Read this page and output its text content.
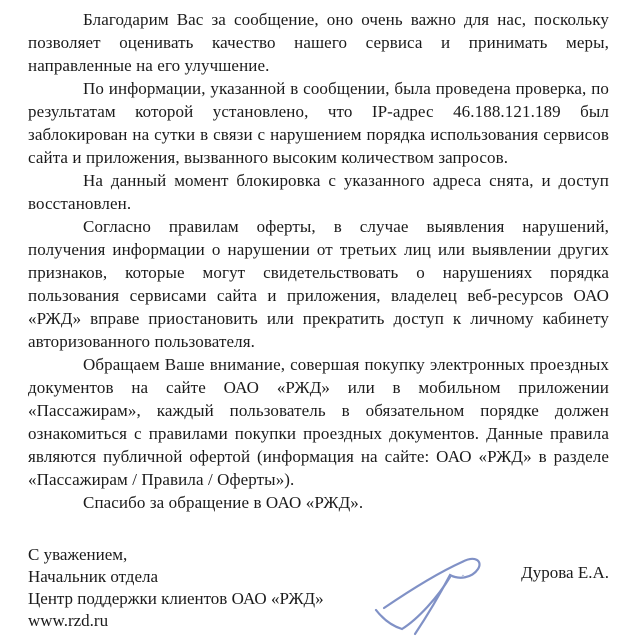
Благодарим Вас за сообщение, оно очень важно для нас, поскольку позволяет оценивать качество нашего сервиса и принимать меры, направленные на его улучшение.

По информации, указанной в сообщении, была проведена проверка, по результатам которой установлено, что IP-адрес 46.188.121.189 был заблокирован на сутки в связи с нарушением порядка использования сервисов сайта и приложения, вызванного высоким количеством запросов.

На данный момент блокировка с указанного адреса снята, и доступ восстановлен.

Согласно правилам оферты, в случае выявления нарушений, получения информации о нарушении от третьих лиц или выявлении других признаков, которые могут свидетельствовать о нарушениях порядка пользования сервисами сайта и приложения, владелец веб-ресурсов ОАО «РЖД» вправе приостановить или прекратить доступ к личному кабинету авторизованного пользователя.

Обращаем Ваше внимание, совершая покупку электронных проездных документов на сайте ОАО «РЖД» или в мобильном приложении «Пассажирам», каждый пользователь в обязательном порядке должен ознакомиться с правилами покупки проездных документов. Данные правила являются публичной офертой (информация на сайте: ОАО «РЖД» в разделе «Пассажирам / Правила / Оферты»).

Спасибо за обращение в ОАО «РЖД».

С уважением,
Начальник отдела
Центр поддержки клиентов ОАО «РЖД»
www.rzd.ru
Дурова Е.А.
